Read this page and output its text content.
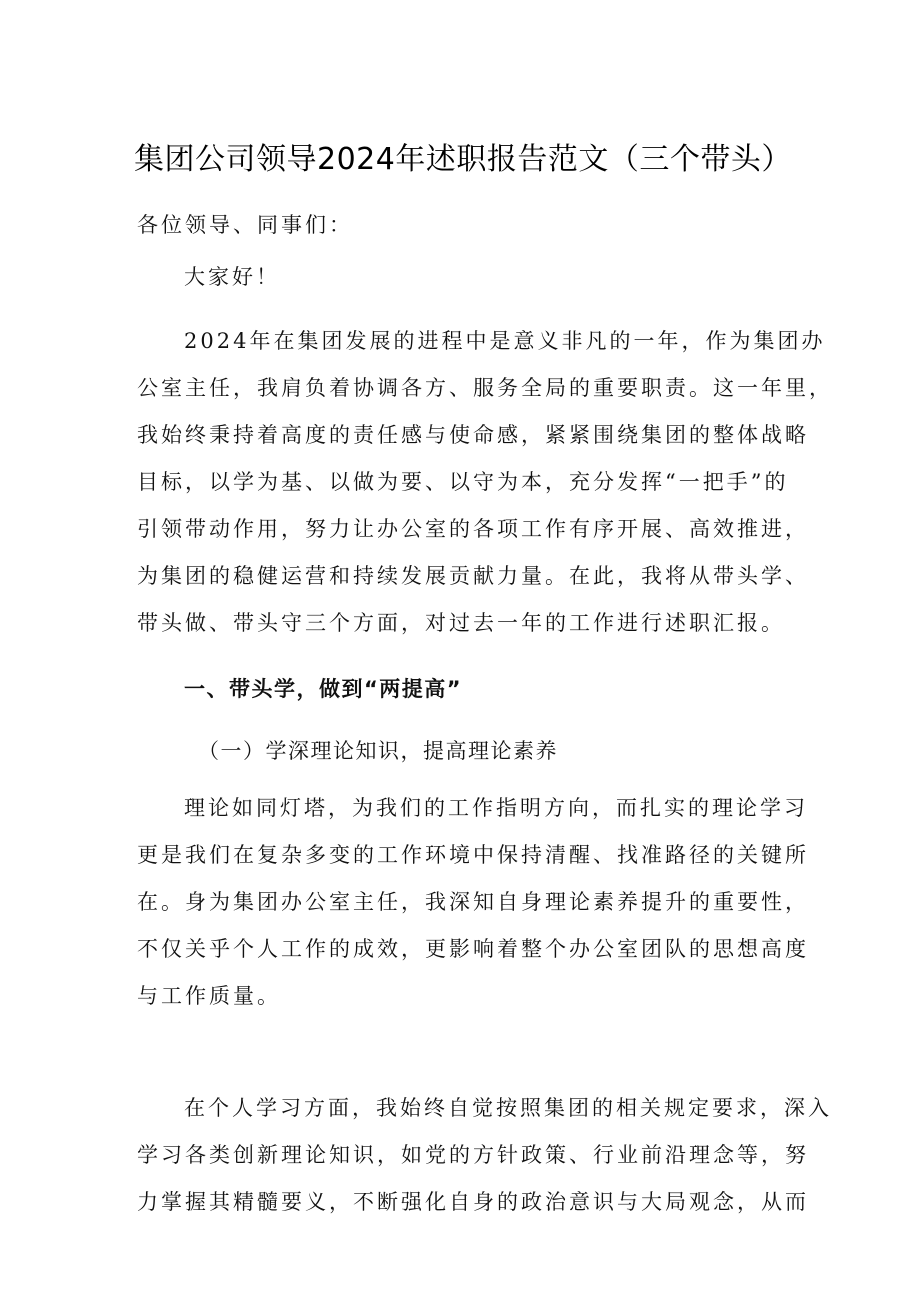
集团公司领导2024年述职报告范文（三个带头）

各位领导、同事们：

大家好！

2024年在集团发展的进程中是意义非凡的一年，作为集团办
公室主任，我肩负着协调各方、服务全局的重要职责。这一年里，
我始终秉持着高度的责任感与使命感，紧紧围绕集团的整体战略
目标，以学为基、以做为要、以守为本，充分发挥“一把手”的
引领带动作用，努力让办公室的各项工作有序开展、高效推进，
为集团的稳健运营和持续发展贡献力量。在此，我将从带头学、
带头做、带头守三个方面，对过去一年的工作进行述职汇报。

一、带头学，做到“两提高”

（一）学深理论知识，提高理论素养

理论如同灯塔，为我们的工作指明方向，而扎实的理论学习
更是我们在复杂多变的工作环境中保持清醒、找准路径的关键所
在。身为集团办公室主任，我深知自身理论素养提升的重要性，
不仅关乎个人工作的成效，更影响着整个办公室团队的思想高度
与工作质量。

在个人学习方面，我始终自觉按照集团的相关规定要求，深入
学习各类创新理论知识，如党的方针政策、行业前沿理念等，努
力掌握其精髓要义，不断强化自身的政治意识与大局观念，从而
